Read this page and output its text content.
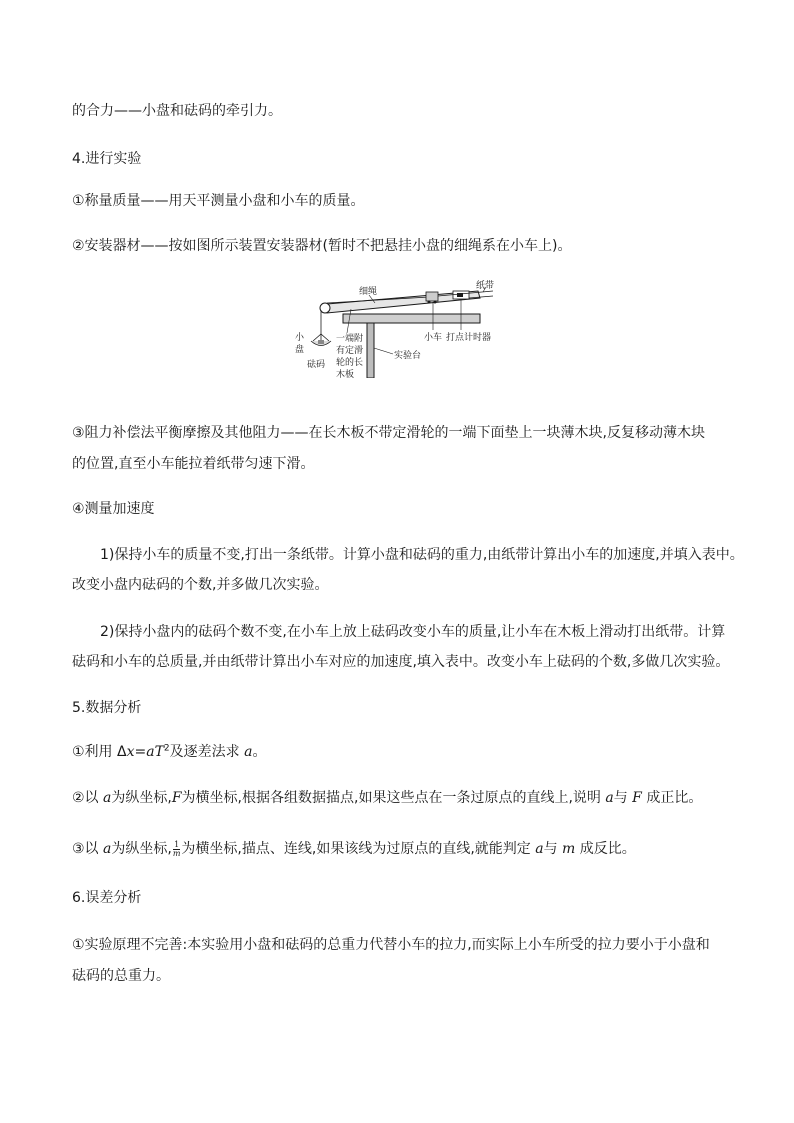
的合力——小盘和砝码的牵引力。
4.进行实验
①称量质量——用天平测量小盘和小车的质量。
②安装器材——按如图所示装置安装器材(暂时不把悬挂小盘的细绳系在小车上)。
细绳
纸带
小车 打点计时器
小
盘
砝码
一端附
有定滑
轮的长
木板
实验台
③阻力补偿法平衡摩擦及其他阻力——在长木板不带定滑轮的一端下面垫上一块薄木块,反复移动薄木块
的位置,直至小车能拉着纸带匀速下滑。
④测量加速度
1)保持小车的质量不变,打出一条纸带。计算小盘和砝码的重力,由纸带计算出小车的加速度,并填入表中。
改变小盘内砝码的个数,并多做几次实验。
2)保持小盘内的砝码个数不变,在小车上放上砝码改变小车的质量,让小车在木板上滑动打出纸带。计算
砝码和小车的总质量,并由纸带计算出小车对应的加速度,填入表中。改变小车上砝码的个数,多做几次实验。
5.数据分析
①利用 $\Delta x=aT^2$及逐差法求 a。
②以 a为纵坐标,F为横坐标,根据各组数据描点,如果这些点在一条过原点的直线上,说明 a与 F 成正比。
③以 a为纵坐标, $\frac{1}{m}$ 为横坐标,描点、连线,如果该线为过原点的直线,就能判定 a与 m 成反比。
6.误差分析
①实验原理不完善:本实验用小盘和砝码的总重力代替小车的拉力,而实际上小车所受的拉力要小于小盘和
砝码的总重力。
